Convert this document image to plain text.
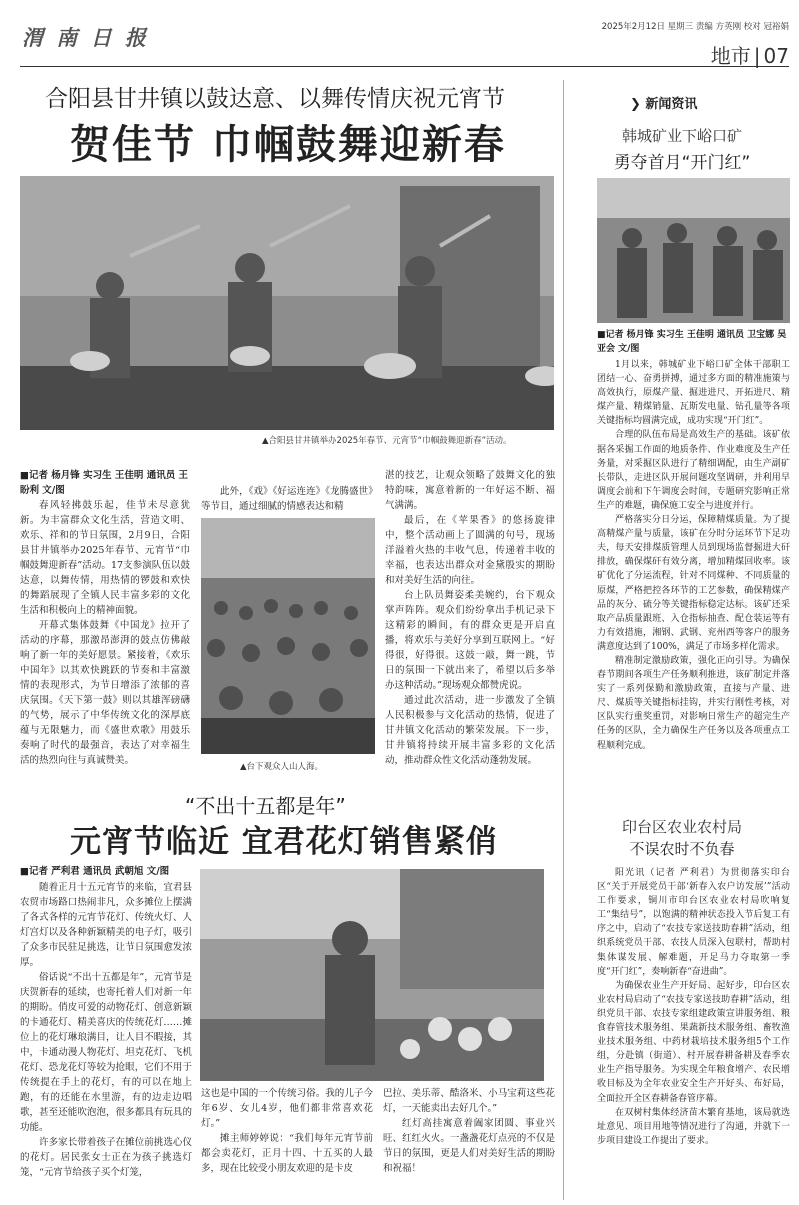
渭 南 日 报	2025年2月12日 星期三 责编 方英刚 校对 冠裕娟
地市 | 07
合阳县甘井镇以鼓达意、以舞传情庆祝元宵节
贺佳节 巾帼鼓舞迎新春
▲合阳县甘井镇举办2025年春节、元宵节“巾帼鼓舞迎新春”活动。
■记者 杨月锋 实习生 王佳明 通讯员 王盼利 文/图

春风轻拂鼓乐起，佳节未尽意犹新。为丰富群众文化生活，营造文明、欢乐、祥和的节日氛围，2月9日，合阳县甘井镇举办2025年春节、元宵节“巾帼鼓舞迎新春”活动。17支参演队伍以鼓达意，以舞传情，用热情的锣鼓和欢快的舞蹈展现了全镇人民丰富多彩的文化生活和积极向上的精神面貌。

开幕式集体鼓舞《中国龙》拉开了活动的序幕，那激昂澎湃的鼓点仿佛敲响了新一年的美好愿景。紧接着，《欢乐中国年》以其欢快跳跃的节奏和丰富激情的表现形式，为节日增添了浓郁的喜庆氛围。《天下第一鼓》则以其雄浑磅礴的气势，展示了中华传统文化的深厚底蕴与无限魅力，而《盛世欢歌》用鼓乐奏响了时代的最强音，表达了对幸福生活的热烈向往与真诚赞美。

此外，《戏》《好运连连》《龙腾盛世》等节目，通过细腻的情感表达和精

▲台下观众人山人海。

湛的技艺，让观众领略了鼓舞文化的独特韵味，寓意着新的一年好运不断、福气满满。

最后，在《苹果香》的悠扬旋律中，整个活动画上了圆满的句号，现场洋溢着火热的丰收气息，传递着丰收的幸福，也表达出群众对金黛殷实的期盼和对美好生活的向往。

台上队员舞姿柔美婉约，台下观众掌声阵阵。观众们纷纷拿出手机记录下这精彩的瞬间，有的群众更是开启直播，将欢乐与美好分享到互联网上。“好得很，好得很。这鼓一敲，舞一跳，节日的氛围一下就出来了，希望以后多举办这种活动。”现场观众都赞虎说。

通过此次活动，进一步激发了全镇人民积极参与文化活动的热情，促进了甘井镇文化活动的繁荣发展。下一步，甘井镇将持续开展丰富多彩的文化活动，推动群众性文化活动蓬勃发展。

❯ 新闻资讯
韩城矿业下峪口矿
勇夺首月“开门红”
■记者 杨月锋 实习生 王佳明 通讯员 卫宝娜 吴亚会 文/图

1月以来，韩城矿业下峪口矿全体干部职工团结一心、奋勇拼搏，通过多方面的精准施策与高效执行，原煤产量、掘进进尺、开拓进尺、精煤产量、精煤销量、瓦斯发电量、钻孔量等各项关键指标均圆满完成，成功实现“开门红”。

合理的队伍布局是高效生产的基础。该矿依据各采掘工作面的地质条件、作业难度及生产任务量，对采掘区队进行了精细调配，由生产副矿长带队，走进区队开展问题攻坚调研，并利用早调度会前和下午调度会时间，专题研究影响正常生产的难题，确保施工安全与进度并行。

严格落实分日分运，保障精煤质量。为了提高精煤产量与质量，该矿在分时分运环节下足功夫，每天安排煤质管理人员到现场监督掘进大矸排放，确保煤矸有效分离，增加精煤回收率。该矿优化了分运流程，针对不同煤种、不同质量的原煤，严格把控各环节的工艺参数，确保精煤产品的灰分、硫分等关键指标稳定达标。该矿还采取产品质量跟班、入仓指标抽查、配仓装运等有力有效措施，湘钢、武钢、兖州西等客户的服务满意度达到了100%，满足了市场多样化需求。

精准制定激励政策，强化正向引导。为确保春节期间各项生产任务顺利推进，该矿制定并落实了一系列保勤和激励政策，直接与产量、进尺、煤质等关键指标挂钩，并实行刚性考核，对区队实行重奖重罚，对影响日常生产的超完生产任务的区队，全力确保生产任务以及各项重点工程顺利完成。

印台区农业农村局
不误农时不负春

阳光讯（记者 严利君）为贯彻落实印台区“关于开展党员干部‘新春入农户访发展’”活动工作要求，铜川市印台区农业农村局吹响复工“集结号”，以饱满的精神状态投入节后复工有序之中，启动了“农技专家送技助春耕”活动，组织系统党员干部、农技人员深入包联村，帮助村集体谋发展、解难题，开足马力夺取第一季度“开门红”，奏响新春“奋进曲”。

为确保农业生产开好局、起好步，印台区农业农村局启动了“农技专家送技助春耕”活动，组织党员干部、农技专家组建政策宣讲服务组、粮食春管技术服务组、果蔬新技术服务组、畜牧渔业技术服务组、中药材栽培技术服务组5个工作组，分赴镇（街道）、村开展春耕备耕及春季农业生产指导服务。为实现全年粮食增产、农民增收目标及为全年农业安全生产开好头、布好局，全面拉开全区春耕备春管序幕。

在双树村集体经济苗木繁育基地，该局就选址意见、项目用地等情况进行了沟通，并就下一步项目建设工作提出了要求。

“不出十五都是年”
元宵节临近 宜君花灯销售紧俏
■记者 严利君 通讯员 武朝旭 文/图

随着正月十五元宵节的来临，宜君县农贸市场路口热闹非凡，众多摊位上摆满了各式各样的元宵节花灯、传统火灯、人灯宫灯以及各种新颖精美的电子灯，吸引了众多市民驻足挑选，让节日氛围愈发浓厚。

俗话说“不出十五都是年”，元宵节是庆贺新春的延续，也寄托着人们对新一年的期盼。俏皮可爱的动物花灯、创意新颖的卡通花灯、精美喜庆的传统花灯……摊位上的花灯琳琅满目，让人目不暇接，其中，卡通动漫人物花灯、坦克花灯、飞机花灯、恐龙花灯等较为抢眼，它们不用于传统提在手上的花灯，有的可以在地上跑，有的还能在水里游，有的边走边唱歌，甚至还能吹泡泡，很多都具有玩具的功能。

许多家长带着孩子在摊位前挑选心仪的花灯。居民张女士正在为孩子挑选灯笼，“元宵节给孩子买个灯笼，

这也是中国的一个传统习俗。我的儿子今年6岁、女儿4岁，他们都非常喜欢花灯。”

摊主师婷婷说：“我们每年元宵节前都会卖花灯，正月十四、十五买的人最多，现在比较受小朋友欢迎的是卡皮

巴拉、美乐蒂、酷洛米、小马宝莉这些花灯，一天能卖出去好几个。”

红灯高挂寓意着阖家团圆、事业兴旺、红红火火。一盏盏花灯点亮的不仅是节日的氛围，更是人们对美好生活的期盼和祝福！
